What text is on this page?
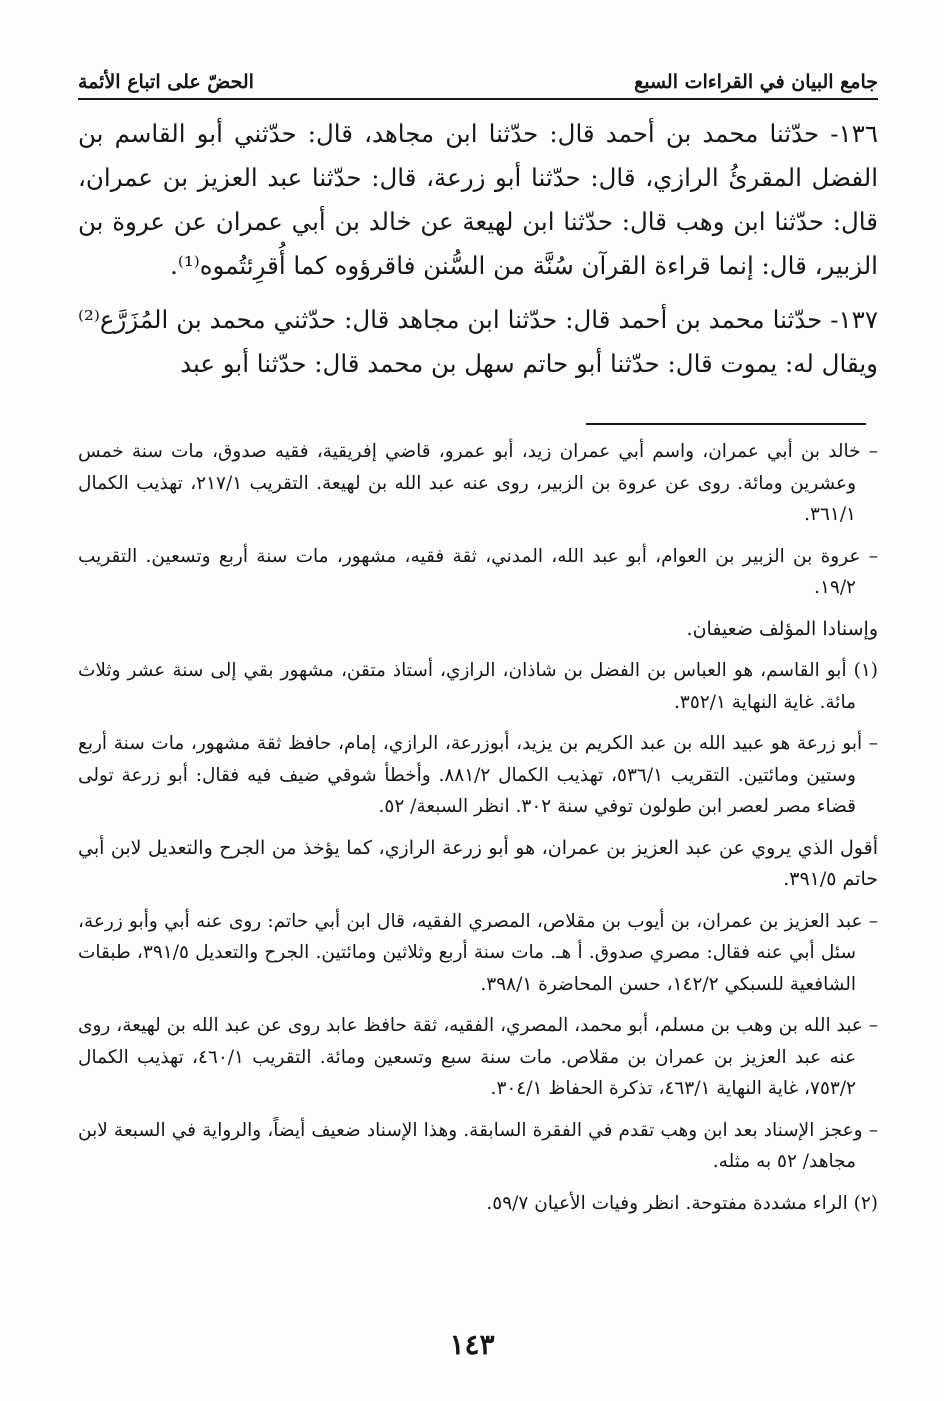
جامع البيان في القراءات السبع
الحضّ على اتباع الأئمة

١٣٦- حدّثنا محمد بن أحمد قال: حدّثنا ابن مجاهد، قال: حدّثني أبو القاسم بن الفضل المقرئُ الرازي، قال: حدّثنا أبو زرعة، قال: حدّثنا عبد العزيز بن عمران، قال: حدّثنا ابن وهب قال: حدّثنا ابن لهيعة عن خالد بن أبي عمران عن عروة بن الزبير، قال: إنما قراءة القرآن سُنَّة من السُّنن فاقرؤوه كما أُقرِئتُموه⁽¹⁾.

١٣٧- حدّثنا محمد بن أحمد قال: حدّثنا ابن مجاهد قال: حدّثني محمد بن المُزَرَّع⁽²⁾ ويقال له: يموت قال: حدّثنا أبو حاتم سهل بن محمد قال: حدّثنا أبو عبد

– خالد بن أبي عمران، واسم أبي عمران زيد، أبو عمرو، قاضي إفريقية، فقيه صدوق، مات سنة خمس وعشرين ومائة. روى عن عروة بن الزبير، روى عنه عبد الله بن لهيعة. التقريب ٢١٧/١، تهذيب الكمال ٣٦١/١.

– عروة بن الزبير بن العوام، أبو عبد الله، المدني، ثقة فقيه، مشهور، مات سنة أربع وتسعين. التقريب ١٩/٢.

وإسنادا المؤلف ضعيفان.

(١) أبو القاسم، هو العباس بن الفضل بن شاذان، الرازي، أستاذ متقن، مشهور بقي إلى سنة عشر وثلاث مائة. غاية النهاية ٣٥٢/١.

– أبو زرعة هو عبيد الله بن عبد الكريم بن يزيد، أبوزرعة، الرازي، إمام، حافظ ثقة مشهور، مات سنة أربع وستين ومائتين. التقريب ٥٣٦/١، تهذيب الكمال ٨٨١/٢. وأخطأ شوقي ضيف فيه فقال: أبو زرعة تولى قضاء مصر لعصر ابن طولون توفي سنة ٣٠٢. انظر السبعة/ ٥٢.

أقول الذي يروي عن عبد العزيز بن عمران، هو أبو زرعة الرازي، كما يؤخذ من الجرح والتعديل لابن أبي حاتم ٣٩١/٥.

– عبد العزيز بن عمران، بن أيوب بن مقلاص، المصري الفقيه، قال ابن أبي حاتم: روى عنه أبي وأبو زرعة، سئل أبي عنه فقال: مصري صدوق. أ هـ. مات سنة أربع وثلاثين ومائتين. الجرح والتعديل ٣٩١/٥، طبقات الشافعية للسبكي ١٤٢/٢، حسن المحاضرة ٣٩٨/١.

– عبد الله بن وهب بن مسلم، أبو محمد، المصري، الفقيه، ثقة حافظ عابد روى عن عبد الله بن لهيعة، روى عنه عبد العزيز بن عمران بن مقلاص. مات سنة سبع وتسعين ومائة. التقريب ٤٦٠/١، تهذيب الكمال ٧٥٣/٢، غاية النهاية ٤٦٣/١، تذكرة الحفاظ ٣٠٤/١.

– وعجز الإسناد بعد ابن وهب تقدم في الفقرة السابقة. وهذا الإسناد ضعيف أيضاً، والرواية في السبعة لابن مجاهد/ ٥٢ به مثله.

(٢) الراء مشددة مفتوحة. انظر وفيات الأعيان ٥٩/٧.

١٤٣
